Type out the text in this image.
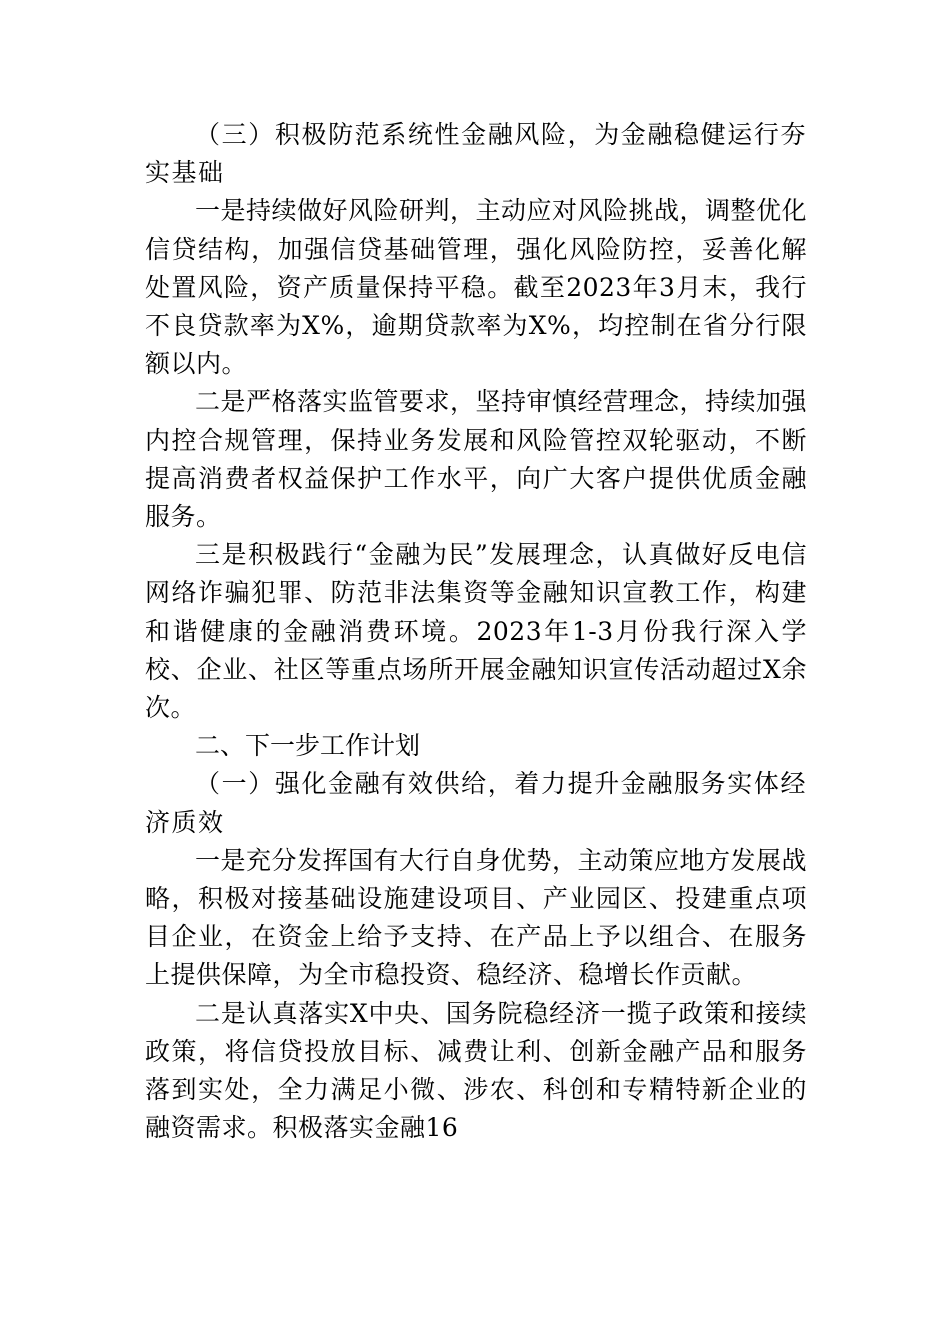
（三）积极防范系统性金融风险，为金融稳健运行夯实基础

一是持续做好风险研判，主动应对风险挑战，调整优化信贷结构，加强信贷基础管理，强化风险防控，妥善化解处置风险，资产质量保持平稳。截至2023年3月末，我行不良贷款率为X%，逾期贷款率为X%，均控制在省分行限额以内。

二是严格落实监管要求，坚持审慎经营理念，持续加强内控合规管理，保持业务发展和风险管控双轮驱动，不断提高消费者权益保护工作水平，向广大客户提供优质金融服务。

三是积极践行“金融为民”发展理念，认真做好反电信网络诈骗犯罪、防范非法集资等金融知识宣教工作，构建和谐健康的金融消费环境。2023年1-3月份我行深入学校、企业、社区等重点场所开展金融知识宣传活动超过X余次。

二、下一步工作计划

（一）强化金融有效供给，着力提升金融服务实体经济质效

一是充分发挥国有大行自身优势，主动策应地方发展战略，积极对接基础设施建设项目、产业园区、投建重点项目企业，在资金上给予支持、在产品上予以组合、在服务上提供保障，为全市稳投资、稳经济、稳增长作贡献。

二是认真落实X中央、国务院稳经济一揽子政策和接续政策，将信贷投放目标、减费让利、创新金融产品和服务落到实处，全力满足小微、涉农、科创和专精特新企业的融资需求。积极落实金融16
